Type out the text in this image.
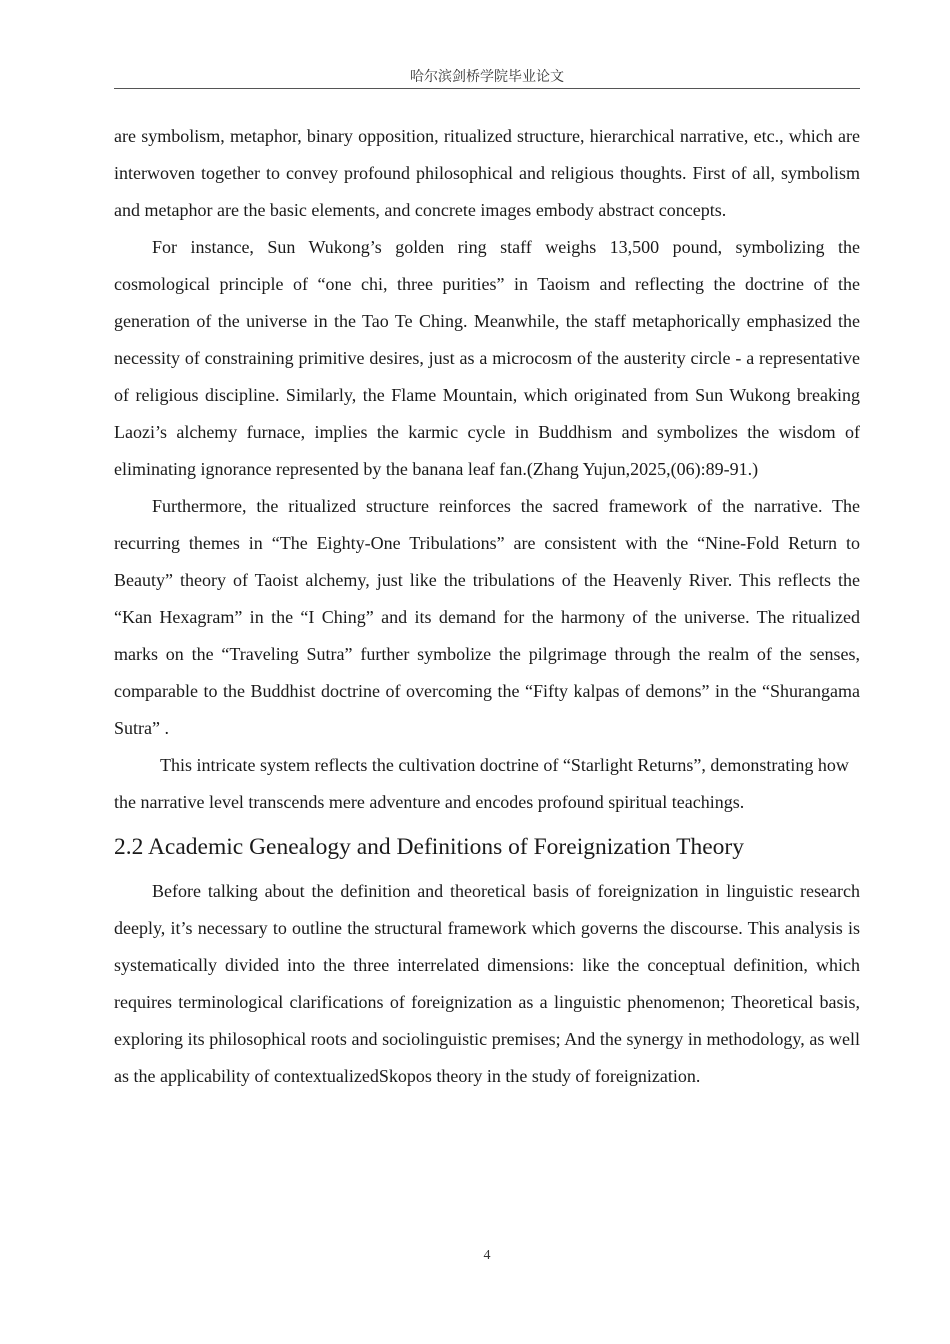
哈尔滨剑桥学院毕业论文

are symbolism, metaphor, binary opposition, ritualized structure, hierarchical narrative, etc., which are interwoven together to convey profound philosophical and religious thoughts. First of all, symbolism and metaphor are the basic elements, and concrete images embody abstract concepts.

For instance, Sun Wukong’s golden ring staff weighs 13,500 pound, symbolizing the cosmological principle of “one chi, three purities” in Taoism and reflecting the doctrine of the generation of the universe in the Tao Te Ching. Meanwhile, the staff metaphorically emphasized the necessity of constraining primitive desires, just as a microcosm of the austerity circle - a representative of religious discipline. Similarly, the Flame Mountain, which originated from Sun Wukong breaking Laozi’s alchemy furnace, implies the karmic cycle in Buddhism and symbolizes the wisdom of eliminating ignorance represented by the banana leaf fan.(Zhang Yujun,2025,(06):89-91.)

Furthermore, the ritualized structure reinforces the sacred framework of the narrative. The recurring themes in “The Eighty-One Tribulations” are consistent with the “Nine-Fold Return to Beauty” theory of Taoist alchemy, just like the tribulations of the Heavenly River. This reflects the “Kan Hexagram” in the “I Ching” and its demand for the harmony of the universe. The ritualized marks on the “Traveling Sutra” further symbolize the pilgrimage through the realm of the senses, comparable to the Buddhist doctrine of overcoming the “Fifty kalpas of demons” in the “Shurangama Sutra” .

This intricate system reflects the cultivation doctrine of “Starlight Returns”, demonstrating how the narrative level transcends mere adventure and encodes profound spiritual teachings.

2.2 Academic Genealogy and Definitions of Foreignization Theory

Before talking about the definition and theoretical basis of foreignization in linguistic research deeply, it’s necessary to outline the structural framework which governs the discourse. This analysis is systematically divided into the three interrelated dimensions: like the conceptual definition, which requires terminological clarifications of foreignization as a linguistic phenomenon; Theoretical basis, exploring its philosophical roots and sociolinguistic premises; And the synergy in methodology, as well as the applicability of contextualizedSkopos theory in the study of foreignization.

4
